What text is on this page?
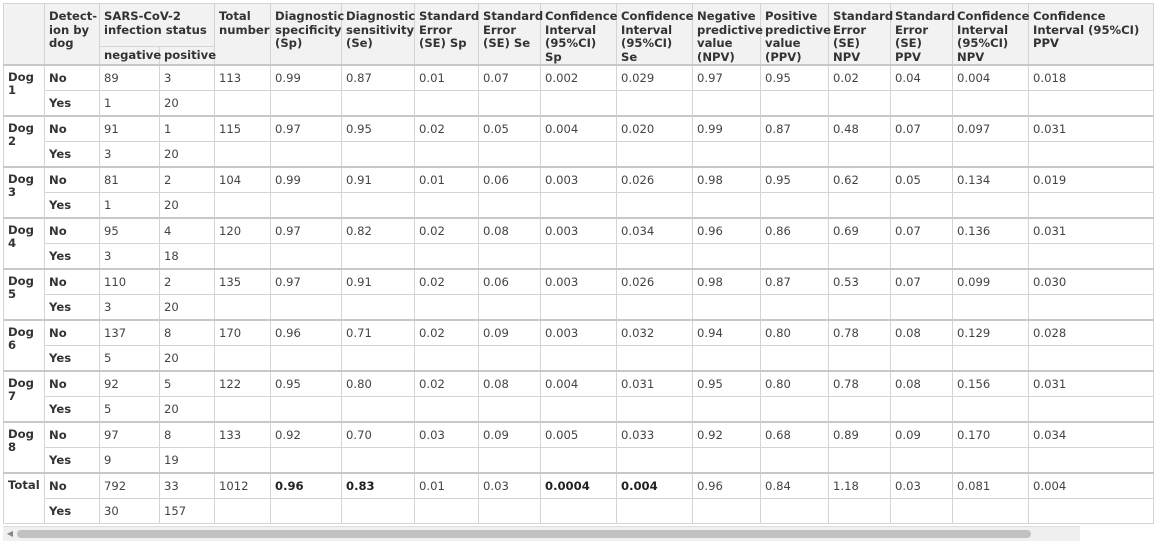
	Detect-ion by dog	SARS-CoV-2 infection status		Total number	Diagnostic specificity (Sp)	Diagnostic sensitivity (Se)	Standard Error (SE) Sp	Standard Error (SE) Se	Confidence Interval (95%CI) Sp	Confidence Interval (95%CI) Se	Negative predictive value (NPV)	Positive predictive value (PPV)	Standard Error (SE) NPV	Standard Error (SE) PPV	Confidence Interval (95%CI) NPV	Confidence Interval (95%CI) PPV
		negative	positive													
Dog 1	No	89	3	113	0.99	0.87	0.01	0.07	0.002	0.029	0.97	0.95	0.02	0.04	0.004	0.018
	Yes	1	20													
Dog 2	No	91	1	115	0.97	0.95	0.02	0.05	0.004	0.020	0.99	0.87	0.48	0.07	0.097	0.031
	Yes	3	20													
Dog 3	No	81	2	104	0.99	0.91	0.01	0.06	0.003	0.026	0.98	0.95	0.62	0.05	0.134	0.019
	Yes	1	20													
Dog 4	No	95	4	120	0.97	0.82	0.02	0.08	0.003	0.034	0.96	0.86	0.69	0.07	0.136	0.031
	Yes	3	18													
Dog 5	No	110	2	135	0.97	0.91	0.02	0.06	0.003	0.026	0.98	0.87	0.53	0.07	0.099	0.030
	Yes	3	20													
Dog 6	No	137	8	170	0.96	0.71	0.02	0.09	0.003	0.032	0.94	0.80	0.78	0.08	0.129	0.028
	Yes	5	20													
Dog 7	No	92	5	122	0.95	0.80	0.02	0.08	0.004	0.031	0.95	0.80	0.78	0.08	0.156	0.031
	Yes	5	20													
Dog 8	No	97	8	133	0.92	0.70	0.03	0.09	0.005	0.033	0.92	0.68	0.89	0.09	0.170	0.034
	Yes	9	19													
Total	No	792	33	1012	0.96	0.83	0.01	0.03	0.0004	0.004	0.96	0.84	1.18	0.03	0.081	0.004
	Yes	30	157													
◀
